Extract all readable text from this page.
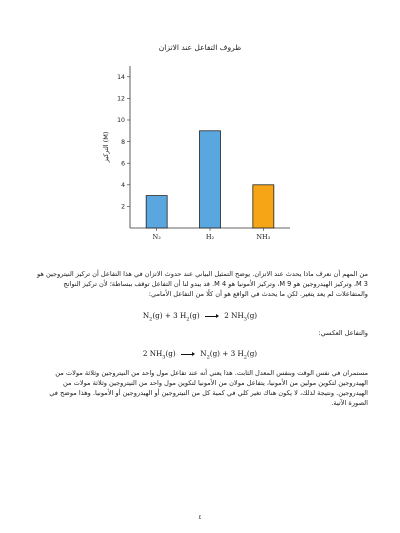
ظروف التفاعل عند الاتزان
2
4
6
8
10
12
14
التركيز (M)
N₂	H₂	NH₃
من المهم أن نعرف ماذا يحدث عند الاتزان. يوضح التمثيل البياني عند حدوث الاتزان في هذا التفاعل أن تركيز النيتروجين هو 3 M، وتركيز الهيدروجين هو 9 M، وتركيز الأمونيا هو 4 M. قد يبدو لنا أن التفاعل توقف ببساطة؛ لأن تركيز النواتج والمتفاعلات لم يعد يتغير. لكن ما يحدث في الواقع هو أن كلًا من التفاعل الأمامي:
$N_2(g) + 3$ $H_2(g)$	2 $NH_3(g)$
والتفاعل العكسي:
2 $NH_3(g)$	$N_2(g) + 3$ $H_2(g)$
مستمران في نفس الوقت وبنفس المعدل الثابت. هذا يعني أنه عند تفاعل مول واحد من النيتروجين وثلاثة مولات من الهيدروجين لتكوين مولين من الأمونيا، يتفاعل مولان من الأمونيا لتكوين مول واحد من النيتروجين وثلاثة مولات من الهيدروجين. ونتيجة لذلك، لا يكون هناك تغير كلي في كمية كل من النيتروجين أو الهيدروجين أو الأمونيا. وهذا موضح في الصورة الآتية.
٤
